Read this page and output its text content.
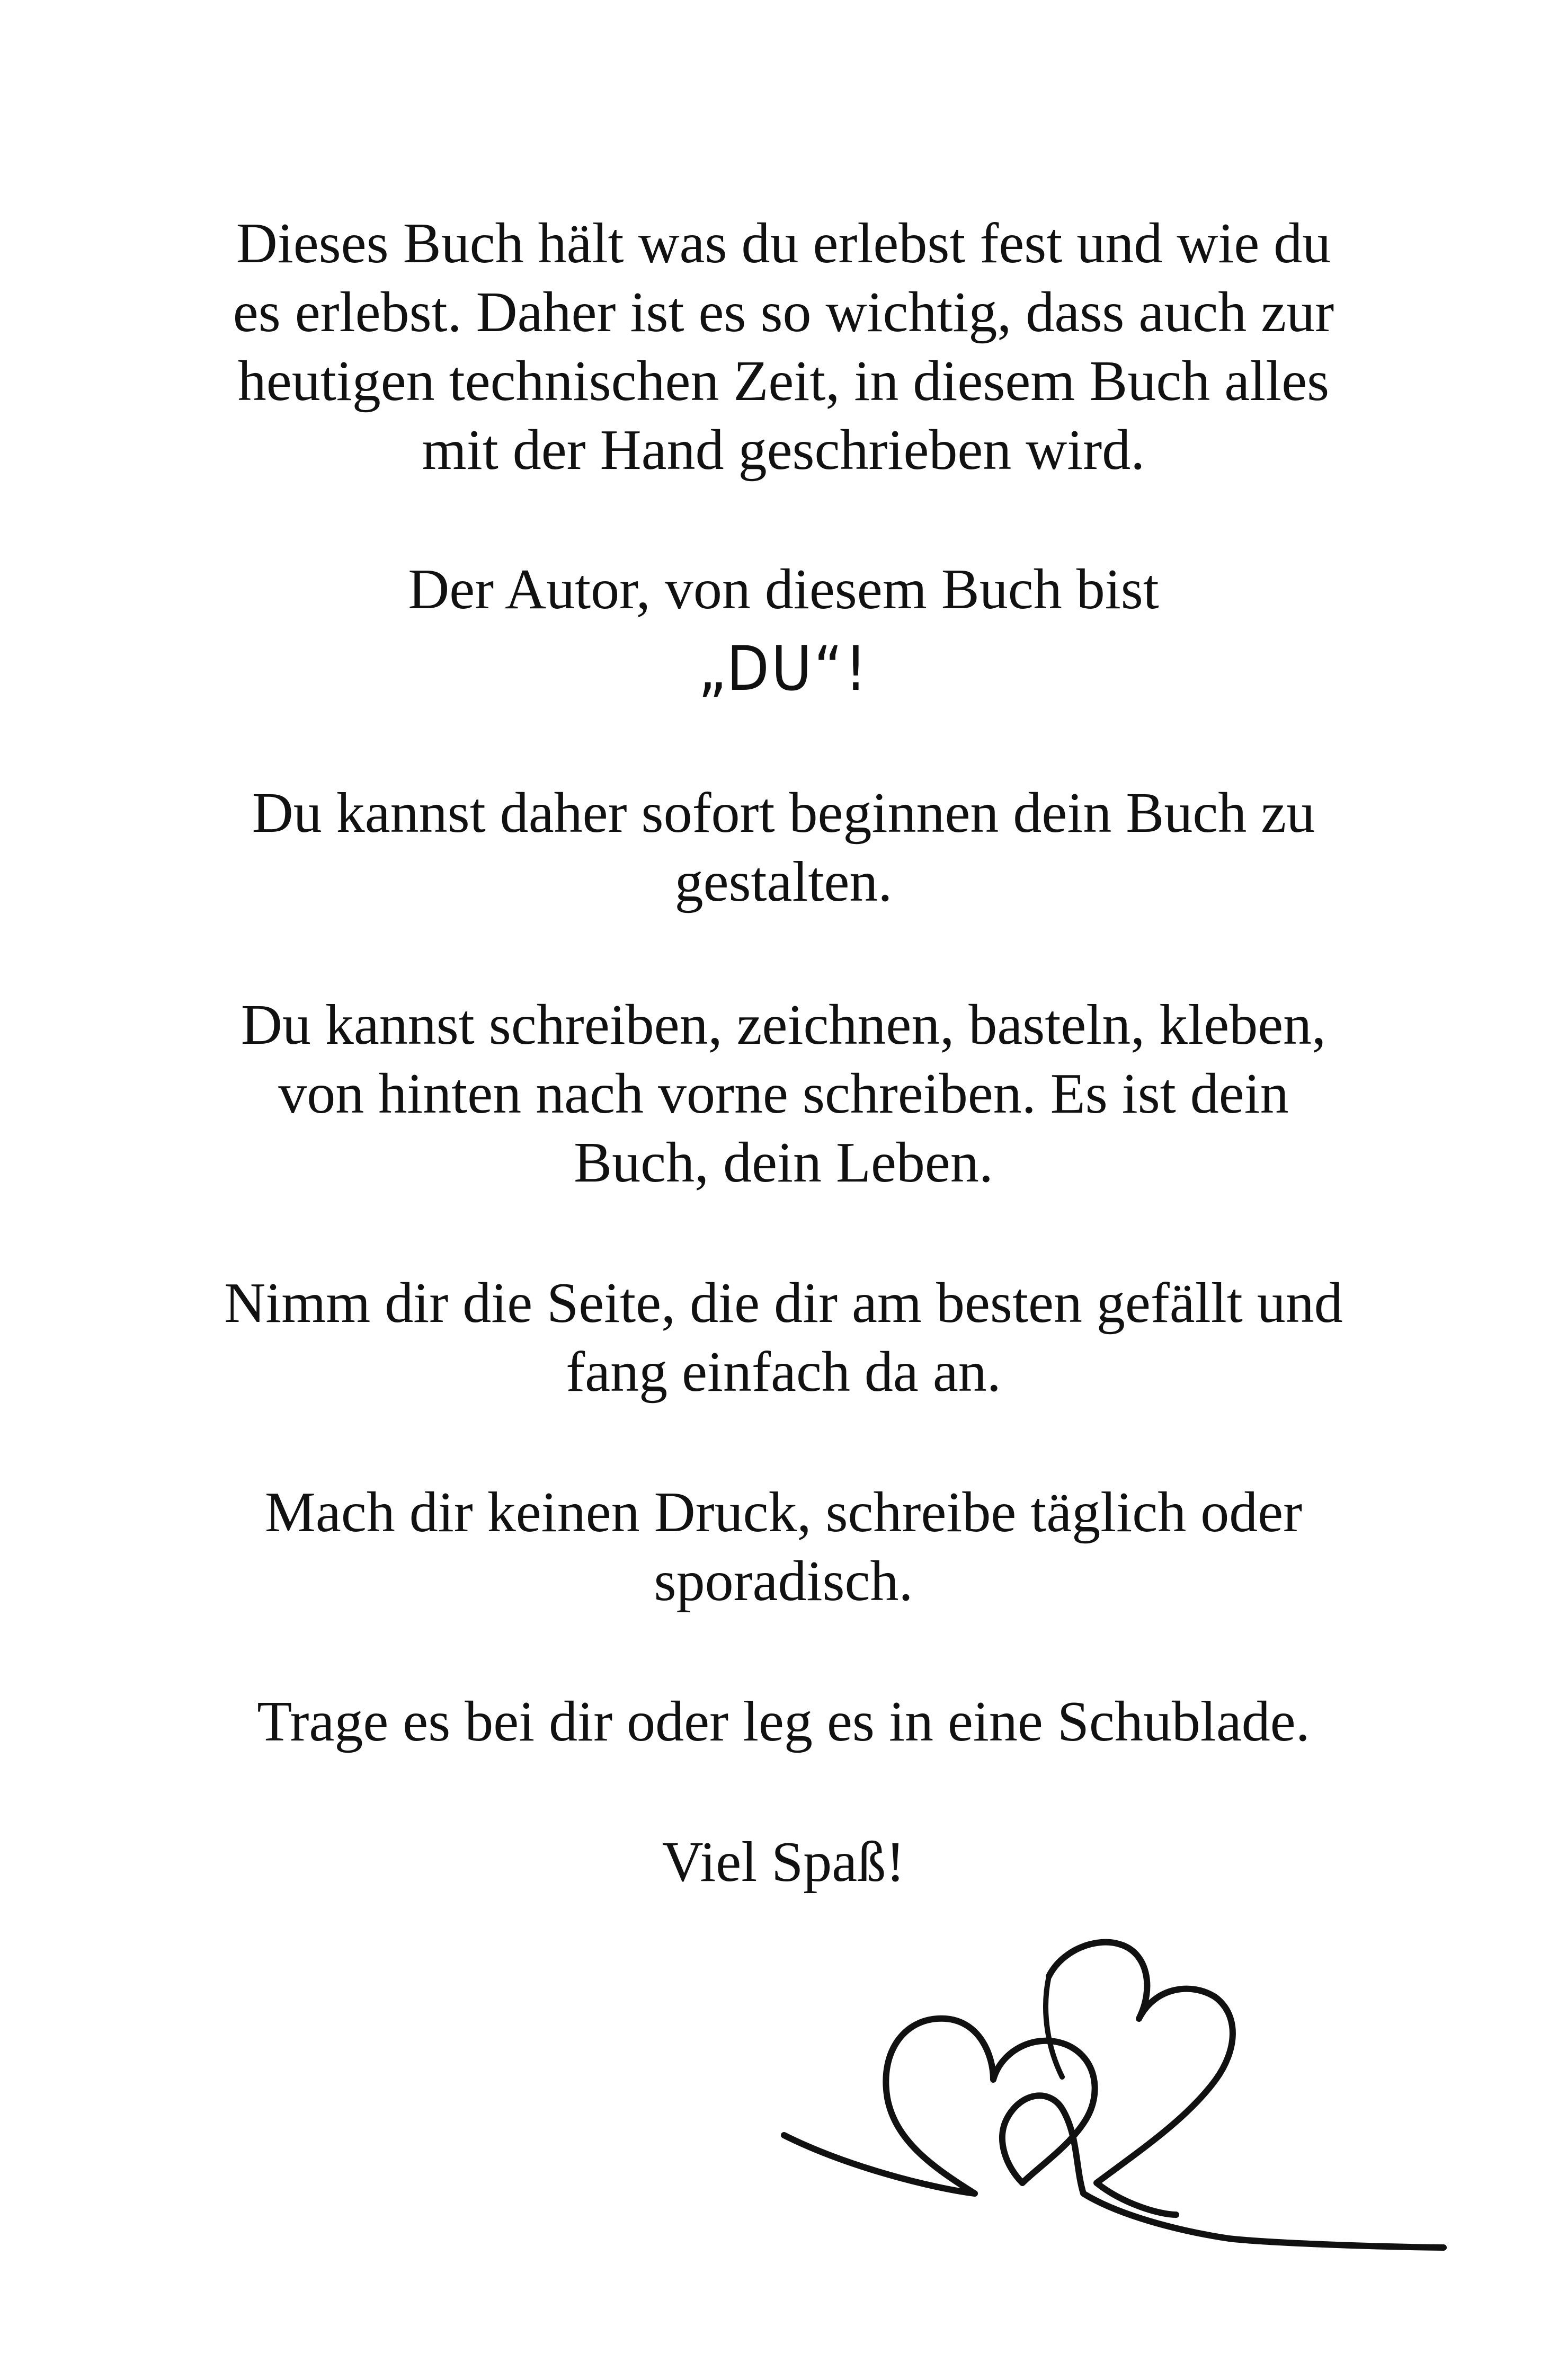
Dieses Buch hält was du erlebst fest und wie du
es erlebst. Daher ist es so wichtig, dass auch zur
heutigen technischen Zeit, in diesem Buch alles
mit der Hand geschrieben wird.
Der Autor, von diesem Buch bist
„DU“!
Du kannst daher sofort beginnen dein Buch zu
gestalten.
Du kannst schreiben, zeichnen, basteln, kleben,
von hinten nach vorne schreiben. Es ist dein
Buch, dein Leben.
Nimm dir die Seite, die dir am besten gefällt und
fang einfach da an.
Mach dir keinen Druck, schreibe täglich oder
sporadisch.
Trage es bei dir oder leg es in eine Schublade.
Viel Spaß!
